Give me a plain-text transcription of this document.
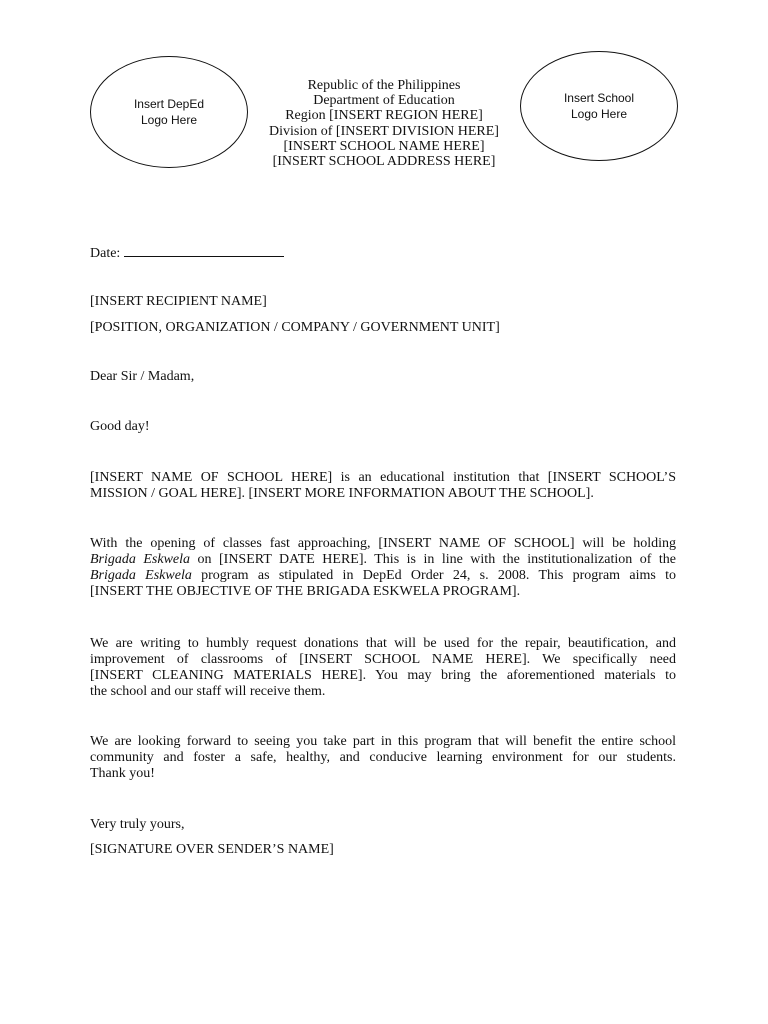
Insert DepEd
Logo Here
Republic of the Philippines
Department of Education
Region [INSERT REGION HERE]
Division of [INSERT DIVISION HERE]
[INSERT SCHOOL NAME HERE]
[INSERT SCHOOL ADDRESS HERE]
Insert School
Logo Here
Date:
[INSERT RECIPIENT NAME]
[POSITION, ORGANIZATION / COMPANY / GOVERNMENT UNIT]
Dear Sir / Madam,
Good day!
[INSERT NAME OF SCHOOL HERE] is an educational institution that [INSERT SCHOOL’S
MISSION / GOAL HERE]. [INSERT MORE INFORMATION ABOUT THE SCHOOL].
With the opening of classes fast approaching, [INSERT NAME OF SCHOOL] will be holding
Brigada Eskwela on [INSERT DATE HERE]. This is in line with the institutionalization of the
Brigada Eskwela program as stipulated in DepEd Order 24, s. 2008. This program aims to
[INSERT THE OBJECTIVE OF THE BRIGADA ESKWELA PROGRAM].
We are writing to humbly request donations that will be used for the repair, beautification, and
improvement of classrooms of [INSERT SCHOOL NAME HERE]. We specifically need
[INSERT CLEANING MATERIALS HERE]. You may bring the aforementioned materials to
the school and our staff will receive them.
We are looking forward to seeing you take part in this program that will benefit the entire school
community and foster a safe, healthy, and conducive learning environment for our students.
Thank you!
Very truly yours,
[SIGNATURE OVER SENDER’S NAME]
